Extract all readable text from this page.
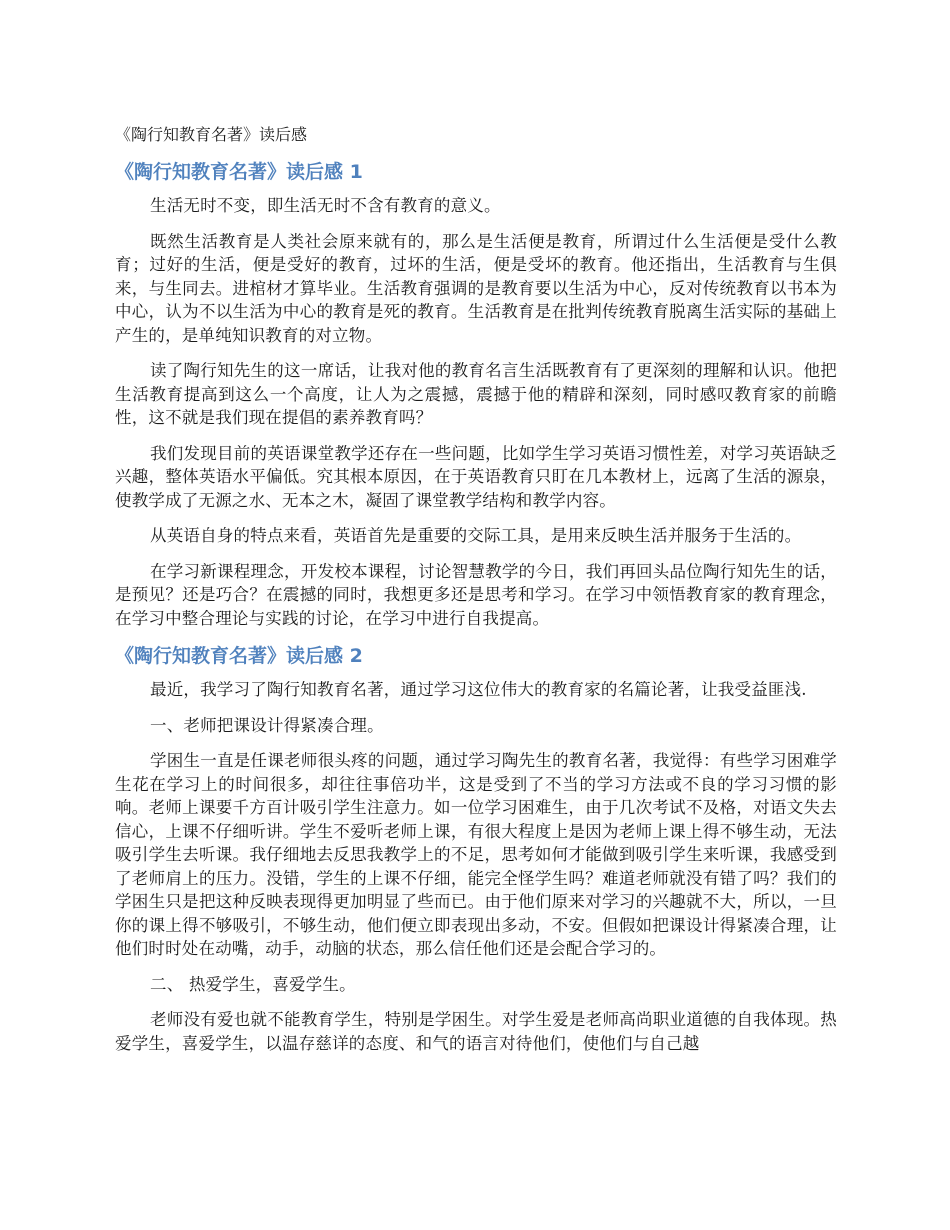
《陶行知教育名著》读后感
《陶行知教育名著》读后感 1

生活无时不变，即生活无时不含有教育的意义。

既然生活教育是人类社会原来就有的，那么是生活便是教育，所谓过什么生活便是受什么教育；过好的生活，便是受好的教育，过坏的生活，便是受坏的教育。他还指出，生活教育与生俱来，与生同去。进棺材才算毕业。生活教育强调的是教育要以生活为中心，反对传统教育以书本为中心，认为不以生活为中心的教育是死的教育。生活教育是在批判传统教育脱离生活实际的基础上产生的，是单纯知识教育的对立物。

读了陶行知先生的这一席话，让我对他的教育名言生活既教育有了更深刻的理解和认识。他把生活教育提高到这么一个高度，让人为之震撼，震撼于他的精辟和深刻，同时感叹教育家的前瞻性，这不就是我们现在提倡的素养教育吗？

我们发现目前的英语课堂教学还存在一些问题，比如学生学习英语习惯性差，对学习英语缺乏兴趣，整体英语水平偏低。究其根本原因，在于英语教育只盯在几本教材上，远离了生活的源泉，使教学成了无源之水、无本之木，凝固了课堂教学结构和教学内容。

从英语自身的特点来看，英语首先是重要的交际工具，是用来反映生活并服务于生活的。

在学习新课程理念，开发校本课程，讨论智慧教学的今日，我们再回头品位陶行知先生的话，是预见？还是巧合？在震撼的同时，我想更多还是思考和学习。在学习中领悟教育家的教育理念，在学习中整合理论与实践的讨论，在学习中进行自我提高。

《陶行知教育名著》读后感 2

最近，我学习了陶行知教育名著，通过学习这位伟大的教育家的名篇论著，让我受益匪浅.

一、老师把课设计得紧凑合理。

学困生一直是任课老师很头疼的问题，通过学习陶先生的教育名著，我觉得：有些学习困难学生花在学习上的时间很多，却往往事倍功半，这是受到了不当的学习方法或不良的学习习惯的影响。老师上课要千方百计吸引学生注意力。如一位学习困难生，由于几次考试不及格，对语文失去信心，上课不仔细听讲。学生不爱听老师上课，有很大程度上是因为老师上课上得不够生动，无法吸引学生去听课。我仔细地去反思我教学上的不足，思考如何才能做到吸引学生来听课，我感受到了老师肩上的压力。没错，学生的上课不仔细，能完全怪学生吗？难道老师就没有错了吗？我们的学困生只是把这种反映表现得更加明显了些而已。由于他们原来对学习的兴趣就不大，所以，一旦你的课上得不够吸引，不够生动，他们便立即表现出多动，不安。但假如把课设计得紧凑合理，让他们时时处在动嘴，动手，动脑的状态，那么信任他们还是会配合学习的。

二、 热爱学生，喜爱学生。

老师没有爱也就不能教育学生，特别是学困生。对学生爱是老师高尚职业道德的自我体现。热爱学生，喜爱学生，以温存慈详的态度、和气的语言对待他们，使他们与自己越
